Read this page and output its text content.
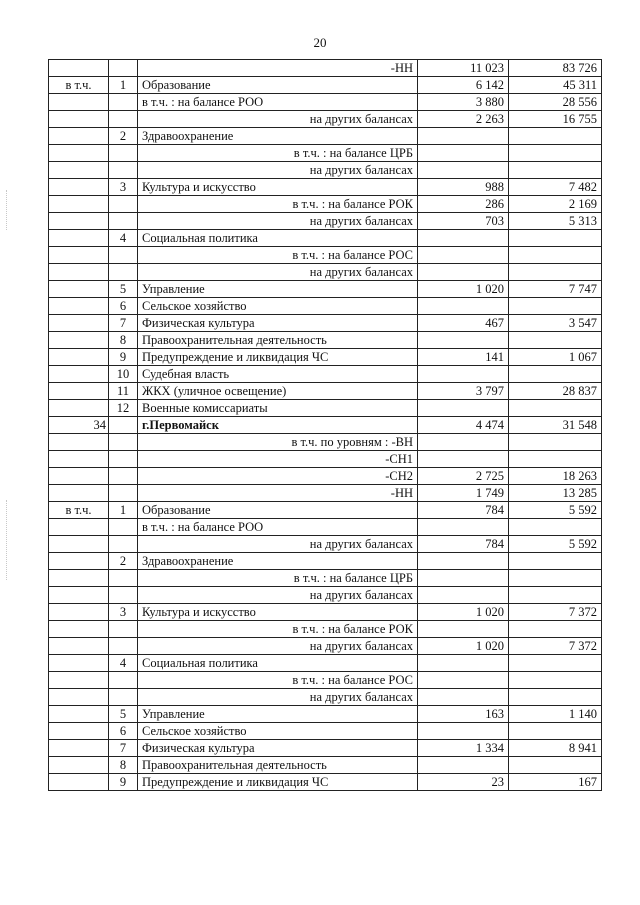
20
		-НН	11 023	83 726
в т.ч.	1	Образование	6 142	45 311
		в т.ч. : на балансе РОО	3 880	28 556
		на других балансах	2 263	16 755
	2	Здравоохранение		
		в т.ч. : на балансе ЦРБ		
		на других балансах		
	3	Культура и искусство	988	7 482
		в т.ч. : на балансе РОК	286	2 169
		на других балансах	703	5 313
	4	Социальная политика		
		в т.ч. : на балансе РОС		
		на других балансах		
	5	Управление	1 020	7 747
	6	Сельское хозяйство		
	7	Физическая культура	467	3 547
	8	Правоохранительная деятельность		
	9	Предупреждение и ликвидация ЧС	141	1 067
	10	Судебная власть		
	11	ЖКХ (уличное освещение)	3 797	28 837
	12	Военные комиссариаты		
34		г.Первомайск	4 474	31 548
		в т.ч. по уровням : -ВН		
		-СН1		
		-СН2	2 725	18 263
		-НН	1 749	13 285
в т.ч.	1	Образование	784	5 592
		в т.ч. : на балансе РОО		
		на других балансах	784	5 592
	2	Здравоохранение		
		в т.ч. : на балансе ЦРБ		
		на других балансах		
	3	Культура и искусство	1 020	7 372
		в т.ч. : на балансе РОК		
		на других балансах	1 020	7 372
	4	Социальная политика		
		в т.ч. : на балансе РОС		
		на других балансах		
	5	Управление	163	1 140
	6	Сельское хозяйство		
	7	Физическая культура	1 334	8 941
	8	Правоохранительная деятельность		
	9	Предупреждение и ликвидация ЧС	23	167
